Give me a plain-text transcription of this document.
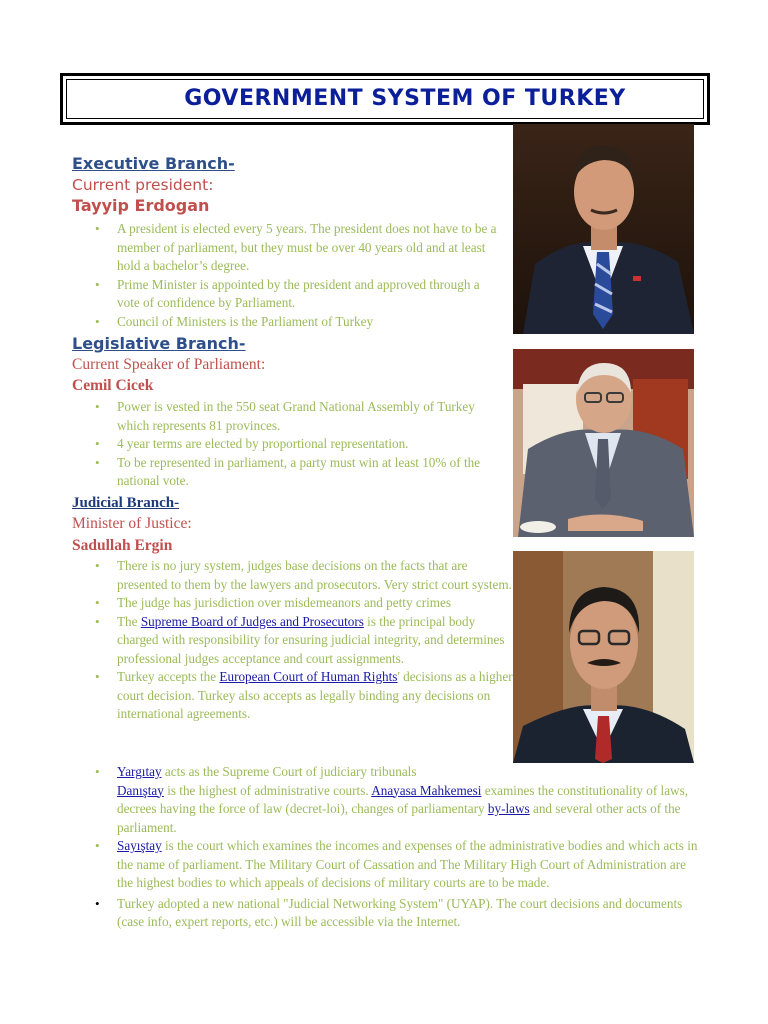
GOVERNMENT SYSTEM OF TURKEY
Executive Branch-
Current president:
Tayyip Erdogan
• A president is elected every 5 years. The president does not have to be a member of parliament, but they must be over 40 years old and at least hold a bachelor’s degree.
• Prime Minister is appointed by the president and approved through a vote of confidence by Parliament.
• Council of Ministers is the Parliament of Turkey
Legislative Branch-
Current Speaker of Parliament:
Cemil Cicek
• Power is vested in the 550 seat Grand National Assembly of Turkey which represents 81 provinces.
• 4 year terms are elected by proportional representation.
• To be represented in parliament, a party must win at least 10% of the national vote.
Judicial Branch-
Minister of Justice:
Sadullah Ergin
• There is no jury system, judges base decisions on the facts that are presented to them by the lawyers and prosecutors. Very strict court system.
• The judge has jurisdiction over misdemeanors and petty crimes
• The Supreme Board of Judges and Prosecutors is the principal body charged with responsibility for ensuring judicial integrity, and determines professional judges acceptance and court assignments.
• Turkey accepts the European Court of Human Rights' decisions as a higher court decision. Turkey also accepts as legally binding any decisions on international agreements.
• Yargıtay acts as the Supreme Court of judiciary tribunals
Danıştay is the highest of administrative courts. Anayasa Mahkemesi examines the constitutionality of laws, decrees having the force of law (decret-loi), changes of parliamentary by-laws and several other acts of the parliament.
• Sayıştay is the court which examines the incomes and expenses of the administrative bodies and which acts in the name of parliament. The Military Court of Cassation and The Military High Court of Administration are the highest bodies to which appeals of decisions of military courts are to be made.
• Turkey adopted a new national "Judicial Networking System" (UYAP). The court decisions and documents (case info, expert reports, etc.) will be accessible via the Internet.
